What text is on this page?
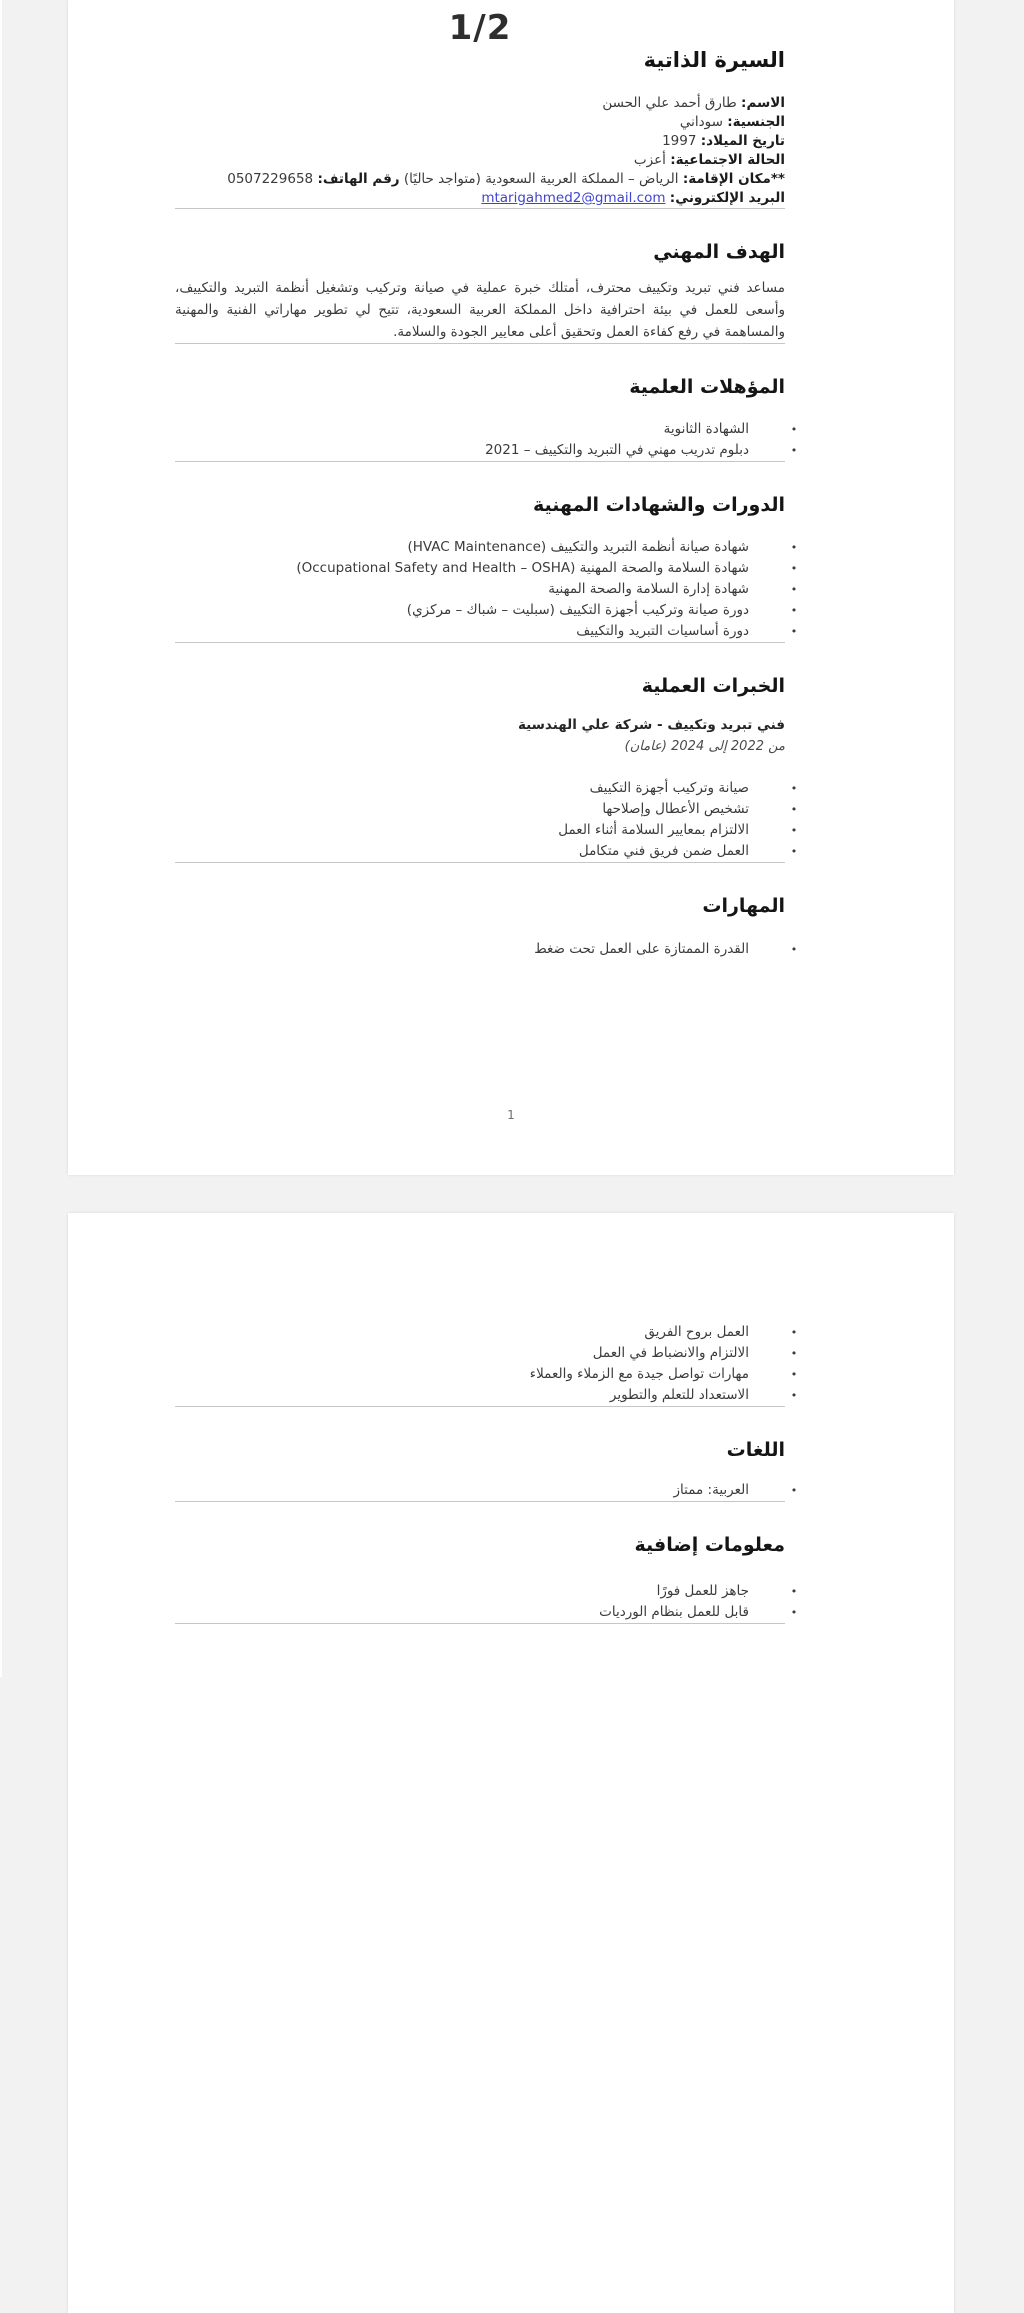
1/2
السيرة الذاتية

الاسم: طارق أحمد علي الحسن

الجنسية: سوداني

تاريخ الميلاد: 1997

الحالة الاجتماعية: أعزب

**مكان الإقامة: الرياض – المملكة العربية السعودية (متواجد حاليًا) رقم الهاتف: 0507229658

البريد الإلكتروني: mtarigahmed2@gmail.com

الهدف المهني

مساعد فني تبريد وتكييف محترف، أمتلك خبرة عملية في صيانة وتركيب وتشغيل أنظمة التبريد والتكييف، وأسعى للعمل في بيئة احترافية داخل المملكة العربية السعودية، تتيح لي تطوير مهاراتي الفنية والمهنية والمساهمة في رفع كفاءة العمل وتحقيق أعلى معايير الجودة والسلامة.

المؤهلات العلمية
•
الشهادة الثانوية
•
دبلوم تدريب مهني في التبريد والتكييف – 2021
الدورات والشهادات المهنية
•
شهادة صيانة أنظمة التبريد والتكييف (HVAC Maintenance)
•
شهادة السلامة والصحة المهنية (Occupational Safety and Health – OSHA)
•
شهادة إدارة السلامة والصحة المهنية
•
دورة صيانة وتركيب أجهزة التكييف (سبليت – شباك – مركزي)
•
دورة أساسيات التبريد والتكييف
الخبرات العملية

فني تبريد وتكييف - شركة علي الهندسية

من 2022 إلى 2024 (عامان)

•
صيانة وتركيب أجهزة التكييف
•
تشخيص الأعطال وإصلاحها
•
الالتزام بمعايير السلامة أثناء العمل
•
العمل ضمن فريق فني متكامل
المهارات
•
القدرة الممتازة على العمل تحت ضغط
1
•
العمل بروح الفريق
•
الالتزام والانضباط في العمل
•
مهارات تواصل جيدة مع الزملاء والعملاء
•
الاستعداد للتعلم والتطوير
اللغات
•
العربية: ممتاز
معلومات إضافية
•
جاهز للعمل فورًا
•
قابل للعمل بنظام الورديات
